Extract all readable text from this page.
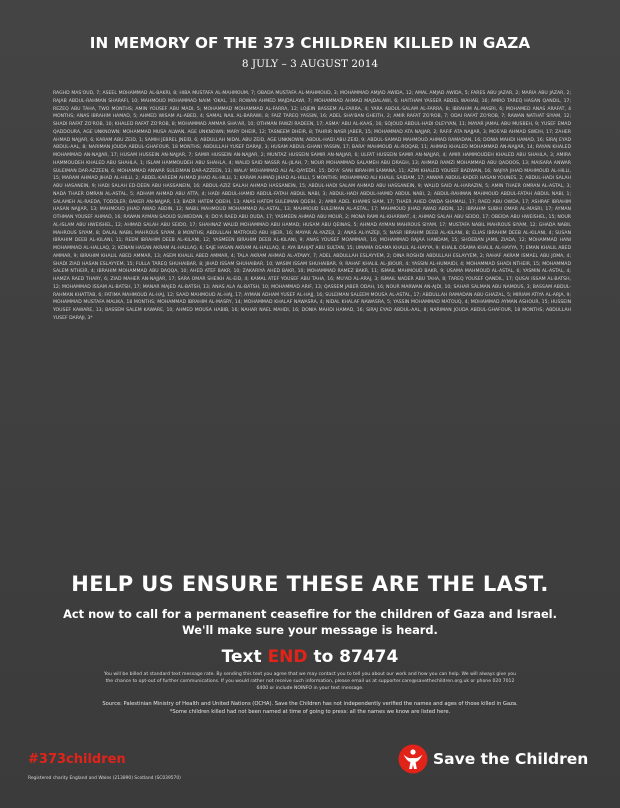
IN MEMORY OF THE 373 CHILDREN KILLED IN GAZA
8 JULY – 3 AUGUST 2014

RAGHD MAS'OUD, 7; ASEEL MOHAMMAD AL-BAKRI, 8; HIBA MUSTAFA AL-MAHMOUM, 7; OBADA MUSTAFA AL-MAHMOUD, 3; MOHAMMAD AMJAD AWIDA, 12; AMAL AMJAD AWIDA, 5; FARES ABU JAZAR, 2; MARIA ABU JAZAR, 2; RAJAB ABDUL-RAHMAN SHARAFI, 10; MAHMOUD MOHAMMAD NAIM 'OKAL, 10; ROWAN AHMED MAJDALAWI, 7; MOHAMMAD AHMAD MAJDALAWI, 6; HAITHAM YASSER ABDEL WAHAB, 16; AMRO TAREQ HASAN QANDIL, 17; REZEQ ABU TAHA, TWO MONTHS; AMIN YOUSEF ABU MADI, 5; MOHAMMAD MOHAMMAD AL-FARRA, 12; LOJEIN BASSEM AL-FARRA, 4; YARA ABDUL-SALAM AL-FARRA, 8; IBRAHIM AL-MASRI, 6; MOHAMED ANAS ARAFAT, 4 MONTHS; ANAS IBRAHIM HAMAD, 5; AHMED WISAM AL-ABED, 4; SAMAL NAIL AL-BARAWI, 8; FAIZ TAREQ YASSIN, 16; ADEL SHA'BAN GHEITH, 2; AMIR RAFAT ZO'ROB, 7; ODAI RAFAT ZO'ROB, 7; RAWAN NATHAT SIYAM, 12; SHADI RAFAT ZO'ROB, 10; KHALED RAFAT ZO'ROB, 8; MOHAMMAD AMMAR SHA'AR, 10; OTHMAN FAWZI RADEEN, 17; ASMA' ABU AL-KAAS, 16; SOJOUD ABDUL-HADI OLEYYAN, 11; MAYAR JAMAL ABU MUSBEH, 9; YUSEF EMAD QADDOURA, AGE UNKNOWN; MOHAMMAD MUSA ALWAN, AGE UNKNOWN; MARY DHEIR, 12; TASNEEM DHEIR, 8; TAHRIR NASR JABER, 15; MOHAMMAD ATA NAJJAR, 2; RAFIF ATA NAJJAR, 3; MOS'AB AHMAD SWEIH, 17; ZAHER AHMAD NAJJAR, 6; KARAM ABU ZEID, 1; SAMIH JEBREL JNEID, 6; ABDULLAH NIDAL ABU ZEID, AGE UNKNOWN; ABDUL-HADI ABU ZEID, 9; ABDUL-SAMAD MAHMOUD AHMAD RAMADAN, 16; DONIA MAHDI HAMAD, 16; SIRAJ EYAD ABDUL-AAL, 8; NARIMAN JOUDA ABDUL-GHAFOUR, 18 MONTHS; ABDULLAH YUSEF DARAJI, 3; HUSAM ABDUL-GHANI YASSIN, 17; BARA' MAHMOUD AL-ROQAB, 11; AHMAD KHALED MOHAMMAD AN-NAJJAR, 14; RAYAN KHALED MOHAMMAD AN-NAJJAR, 17; HUSAM HUSSEIN AN-NAJJAR, 7; SAMIR HUSSEIN AN-NAJJAR, 2; MUNTAZ HUSSEIN SAMIR AN-NAJJAR, 6; ULFAT HUSSEIN SAMIR AN-NAJJAR, 4; AMIR HAMMOUDEH KHALED ABU SHAHLA, 3; AMIRA HAMMOUDEH KHALED ABU SHAHLA, 1; ISLAM HAMMOUDEH ABU SHAHLA, 4; WALID SAID NASSR AL-JILAH, 7; NOUR MOHAMMAD SALAMEH ABU DRAGH, 13; AHMAD RAMZI MOHAMMAD ABU QADOOS, 13; MAISARA ANWAR SULEIMAN DAR-AZZEEN, 6; MOHAMMAD ANWAR SULEIMAN DAR-AZZEEN, 13; WALA' MOHAMMAD ALI AL-QAYEDH, 15; DO'A' SANI IBRAHIM SAMANA, 11; AZMI KHALED YOUSEF BADWAN, 16; NAJIYA JIHAD MAHMOUD AL-HILLI, 15; MARAM AHMAD JIHAD AL-HILLI, 2; ABDEL-KAREEM AHMAD JIHAD AL-HILLI, 1; KARAM AHMAD JIHAD AL-HILLI, 5 MONTHS; MOHAMMAD ALI KHALIL SAIDAM, 17; ANWAR ABDUL-KADER HASAN YOUNES, 2; ABDUL-HADI SALAH ABU HASANEIN, 9; HADI SALAH ED-DEEN ABU HASSANEIN, 16; ABDUL-AZIZ SALAH AHMAD HASSANEIN, 15; ABDUL-HADI SALAM AHMAD ABU HASSANEIN, 9; WALID SAID AL-HARAZIN, 5; AMIN THAER OMRAN AL-ASTAL, 3; NADA THAER OMRAN AL-ASTAL, 5; ADHAM AHMAD ABU ATTA, 4; HADI ABDUL-HAMID ABDUL-FATAH ABDUL NABI, 3; ABDUL-HADI ABDUL-HAMID ABDUL NABI, 2; ABDUL-RAHMAN MAHMOUD ABDUL-FATAH ABDUL NABI, 1; SALAMEH AL-RAEDA, TODDLER; BAKER AN-NAJJAR, 13; BADR HATEM QDEIH, 13; ANAS HATEM SULEIMAN QDEIH, 2; AMIR ADEL KHAMIS SIAM, 17; THAER AHED OWDA SHAMALI, 17; RAED ABU OWDA, 17; ASHRAF IBRAHIM HASAN NAJJAR, 13; MAHMOUD JIHAD AWAD ABDIN, 12; NABIL MAHMOUD MOHAMMAD AL-ASTAL, 13; MAHMOUD SULEIMAN AL-ASTAL, 17; MAHMOUD JIHAD AWAD ABDIN, 12; IBRAHIM SUBHI OMAR AL-MASRI, 17; AYMAN OTHMAN YOUSEF AHMAD, 16; RAWAN AYMAN SAOUD SUWEIDAN, 9; DO'A RAED ABU OUDA, 17; YASMEEN AHMAD ABU MOUR, 2; MONA RAMI AL-KHARWAT, 4; AHMAD SALAH ABU SEIDO, 17; OBEIDA ABU HWEISHEL, 15; NOUR AL-ISLAM ABU HWEISHEL, 12; AHMAD SALAH ABU SEIDO, 17; SHAHNAZ WALID MOHAMMAD ABU HAMAD; HUSAM ABU QEINAS, 5; AHMAD AYMAN MAHROUS SIYAM, 17; MUSTAFA NABIL MAHROUS SIYAM, 12; GHADA NABIL MAHROUS SIYAM, 8; DALAL NABIL MAHROUS SIYAM, 8 MONTHS; ABDULLAH MATROUD ABU HJEIR, 16; MAYAR AL-YAZEJI, 2; ANAS AL-YAZEJI, 5; NASR IBRAHIM DEEB AL-KILANI, 8; ELIAS IBRAHIM DEEB AL-KILANI, 4; SUSAN IBRAHIM DEEB AL-KILANI, 11; REEM IBRAHIM DEEB AL-KILANI, 12; YASMEEN IBRAHIM DEEB AL-KILANI, 9; ANAS YOUSEF MOAMMAR, 16; MOHAMMAD RAJAA HANDAM, 15; SHOEBAN JAMIL ZIADA, 12; MOHAMMAD HANI MOHAMMAD AL-HALLAQ, 2; KENAN HASAN AKRAM AL-HALLAQ, 6; SAJE HASAN AKRAM AL-HALLAQ, 4; AYA BAHJAT ABU SULTAN, 15; UMAMA OSAMA KHALIL AL-HAYYA, 9; KHALIL OSAMA KHALIL AL-HAYYA, 7; EMAN KHALIL ABED AMMAR, 9; IBRAHIM KHALIL ABED AMMAR, 13; ASEM KHALIL ABED AMMAR, 4; TALA AKRAM AHMAD AL-ATAWY, 7; ADEL ABDULLAH ESLAYYEM, 2; DINA ROSHDI ABDULLAH ESLAYYEM, 2; RAHAF AKRAM ISMAEL ABU JOMA, 4; SHADI ZIAD HASAN ESLAYYEM, 15; FULLA TAREQ SHUHAIBAR, 8; JIHAD ISSAM SHUHAIBAR, 10; WASIM ISSAM SHUHAIBAR, 9; RAHAF KHALIL AL-JBOUR, 4; YASSIN AL-HUMAIDI, 4; MOHAMMAD SHADI NTHEIR, 15; MOHAMMAD SALEM NTHEIR, 4; IBRAHIM MOHAMMAD ABU DAQQA, 10; AHED ATEF BAKR, 10; ZAKARIYA AHED BAKR, 10; MOHAMMAD RAMEZ BAKR, 11; ISMAIL MAHMOUD BAKR, 9; USAMA MAHMOUD AL-ASTAL, 6; YASMIN AL-ASTAL, 4; HAMZA RAED THARY, 6; ZIAD MAHER AN-NAJJAR, 17; SARA OMAR SHEIKH AL-EID, 4; KAMAL ATEF YOUSEF ABU TAHA, 16; MU'AD AL-ARAJ, 3; ISMAIL NADER ABU TAHA, 8; TAREQ YOUSEF QANDIL, 17; QUSAI ISSAM AL-BATSH, 12; MOHAMMAD ISSAM AL-BATSH, 17; MANAR MAJED AL-BATSH, 13; ANAS ALA AL-BATSH, 10; MOHAMMAD ARIF, 13; QASSEM JABER ODAH, 16; NOUR MARWAN AN-AJDI, 10; SAHAR SALMAN ABU NAMOUS, 3; BASSAM ABDUL-RAHMAN KHATTAB, 6; FATIMA MAHMOUD AL-HAJ, 12; SAAD MAHMOUD AL-HAJ, 17; AYMAN ADHAM YUSEF AL-HAJJ, 16; SULEIMAN SALEEM MOUSA AL-ASTAL, 17; ABDULLAH RAMADAN ABU GHAZAL, 5; MIRIAM ATIYA AL-ARJA, 9; MOHAMMAD MUSTAFA MALIKA, 18 MONTHS; MOHAMMAD IBRAHIM AL-MASRY, 14; MOHAMMAD KHALAF NAWASRA, 4; NIDAL KHALAF NAWASRA, 5; YASSIN MOHAMMAD MATOUQ, 4; MOHAMMAD AYMAN ASHOUR, 15; HUSSEIN YOUSEF KAWARE, 13; BASSEM SALEM KAWARE, 10; AHMED MOUSA HABIB, 16; NAHAR NAEL MAHDI, 16; DONIA MAHDI HAMAD, 16; SIRAJ EYAD ABDUL-AAL, 8; NARIMAN JOUDA ABDUL-GHAFOUR, 18 MONTHS; ABDULLAH YUSEF DARAJI, 3*

HELP US ENSURE THESE ARE THE LAST.
Act now to call for a permanent ceasefire for the children of Gaza and Israel.
We'll make sure your message is heard.
Text END to 87474
You will be billed at standard text message rate. By sending this text you agree that we may contact you to tell you about our work and how you can help. We will always give you the chance to opt-out of further communications. If you would rather not receive such information, please email us at supporter.care@savethechildren.org.uk or phone 020 7012 6400 or include NOINFO in your text message.
Source: Palestinian Ministry of Health and United Nations (OCHA). Save the Children has not independently verified the names and ages of those killed in Gaza.
*Some children killed had not been named at time of going to press: all the names we know are listed here.
#373children
Registered charity England and Wales (213890) Scotland (SC039570)
Save the Children
